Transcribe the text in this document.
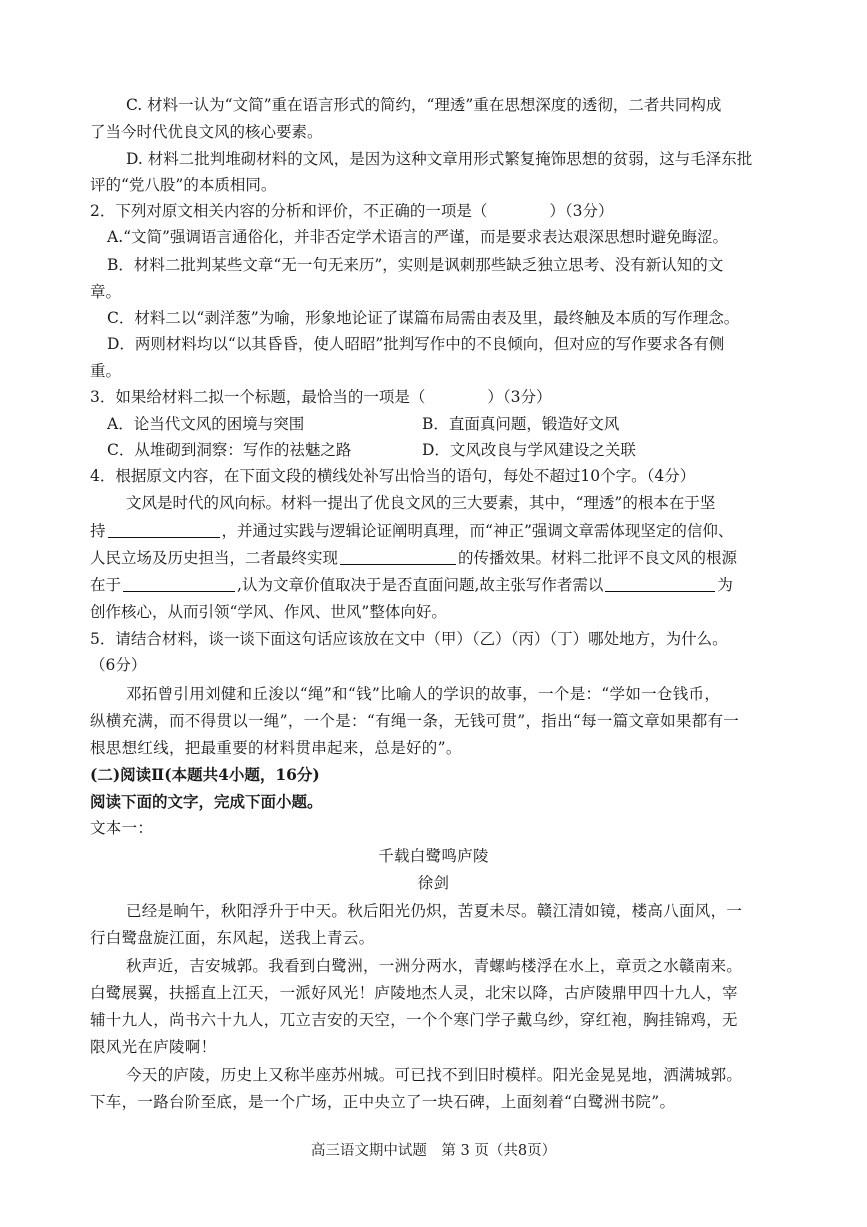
C. 材料一认为“文简”重在语言形式的简约，“理透”重在思想深度的透彻，二者共同构成
了当今时代优良文风的核心要素。
D. 材料二批判堆砌材料的文风，是因为这种文章用形式繁复掩饰思想的贫弱，这与毛泽东批
评的“党八股”的本质相同。
2．下列对原文相关内容的分析和评价，不正确的一项是（　　　　）（3分）
A.“文简”强调语言通俗化，并非否定学术语言的严谨，而是要求表达艰深思想时避免晦涩。
B．材料二批判某些文章“无一句无来历”，实则是讽刺那些缺乏独立思考、没有新认知的文
章。
C．材料二以“剥洋葱”为喻，形象地论证了谋篇布局需由表及里，最终触及本质的写作理念。
D．两则材料均以“以其昏昏，使人昭昭”批判写作中的不良倾向，但对应的写作要求各有侧
重。
3．如果给材料二拟一个标题，最恰当的一项是（　　　　）（3分）
A．论当代文风的困境与突围	B．直面真问题，锻造好文风
C．从堆砌到洞察：写作的祛魅之路	D．文风改良与学风建设之关联
4．根据原文内容，在下面文段的横线处补写出恰当的语句，每处不超过10个字。（4分）
文风是时代的风向标。材料一提出了优良文风的三大要素，其中，“理透”的根本在于坚
持	，并通过实践与逻辑论证阐明真理，而“神正”强调文章需体现坚定的信仰、
人民立场及历史担当，二者最终实现	的传播效果。材料二批评不良文风的根源
在于	,认为文章价值取决于是否直面问题,故主张写作者需以	为
创作核心，从而引领“学风、作风、世风”整体向好。
5．请结合材料，谈一谈下面这句话应该放在文中（甲）（乙）（丙）（丁）哪处地方，为什么。
（6分）
邓拓曾引用刘健和丘浚以“绳”和“钱”比喻人的学识的故事，一个是：“学如一仓钱币，
纵横充满，而不得贯以一绳”，一个是：“有绳一条，无钱可贯”，指出“每一篇文章如果都有一
根思想红线，把最重要的材料贯串起来，总是好的”。
(二)阅读Ⅱ(本题共4小题，16分)
阅读下面的文字，完成下面小题。
文本一：
千载白鹭鸣庐陵
徐剑
已经是晌午，秋阳浮升于中天。秋后阳光仍炽，苦夏未尽。赣江清如镜，楼高八面风，一
行白鹭盘旋江面，东风起，送我上青云。
秋声近，吉安城郭。我看到白鹭洲，一洲分两水，青螺屿楼浮在水上，章贡之水赣南来。
白鹭展翼，扶摇直上江天，一派好风光！庐陵地杰人灵，北宋以降，古庐陵鼎甲四十九人，宰
辅十九人，尚书六十九人，兀立吉安的天空，一个个寒门学子戴乌纱，穿红袍，胸挂锦鸡，无
限风光在庐陵啊！
今天的庐陵，历史上又称半座苏州城。可已找不到旧时模样。阳光金晃晃地，洒满城郭。
下车，一路台阶至底，是一个广场，正中央立了一块石碑，上面刻着“白鹭洲书院”。
高三语文期中试题　第 3 页（共8页）
